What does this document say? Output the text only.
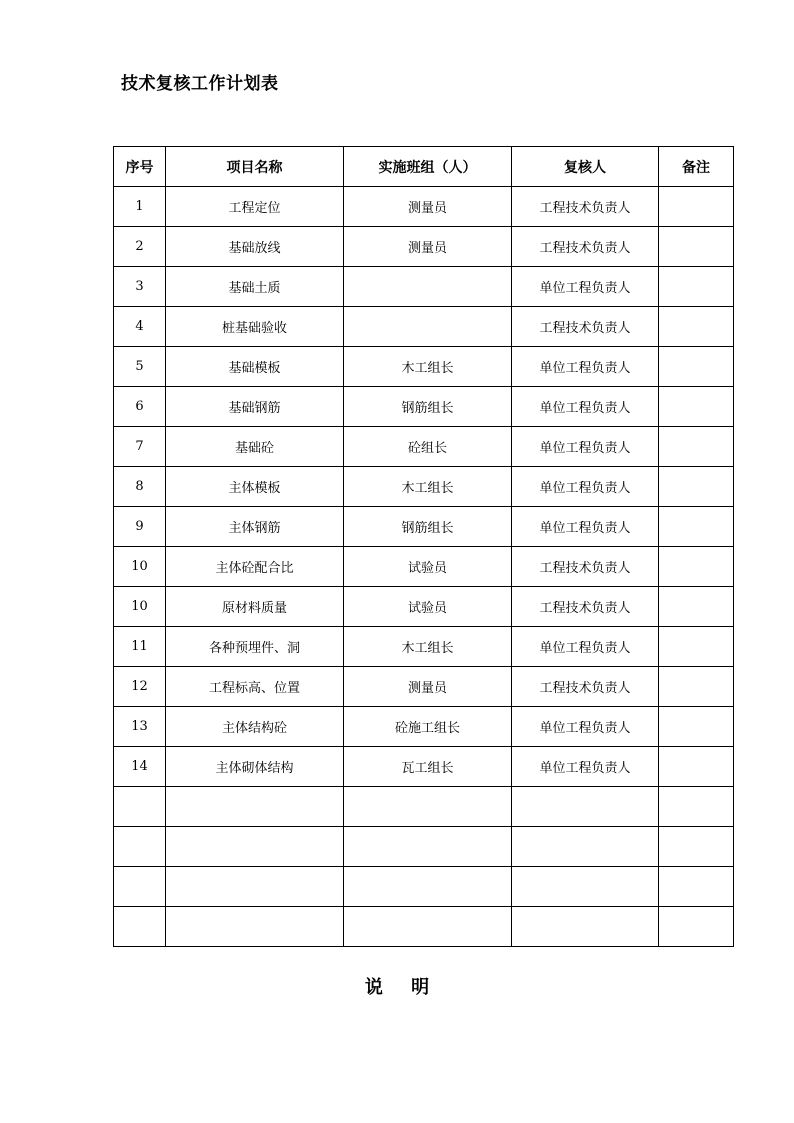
技术复核工作计划表
序号	项目名称	实施班组（人）	复核人	备注
1	工程定位	测量员	工程技术负责人	
2	基础放线	测量员	工程技术负责人	
3	基础土质		单位工程负责人	
4	桩基础验收		工程技术负责人	
5	基础模板	木工组长	单位工程负责人	
6	基础钢筋	钢筋组长	单位工程负责人	
7	基础砼	砼组长	单位工程负责人	
8	主体模板	木工组长	单位工程负责人	
9	主体钢筋	钢筋组长	单位工程负责人	
10	主体砼配合比	试验员	工程技术负责人	
10	原材料质量	试验员	工程技术负责人	
11	各种预埋件、洞	木工组长	单位工程负责人	
12	工程标高、位置	测量员	工程技术负责人	
13	主体结构砼	砼施工组长	单位工程负责人	
14	主体砌体结构	瓦工组长	单位工程负责人	

说 明
